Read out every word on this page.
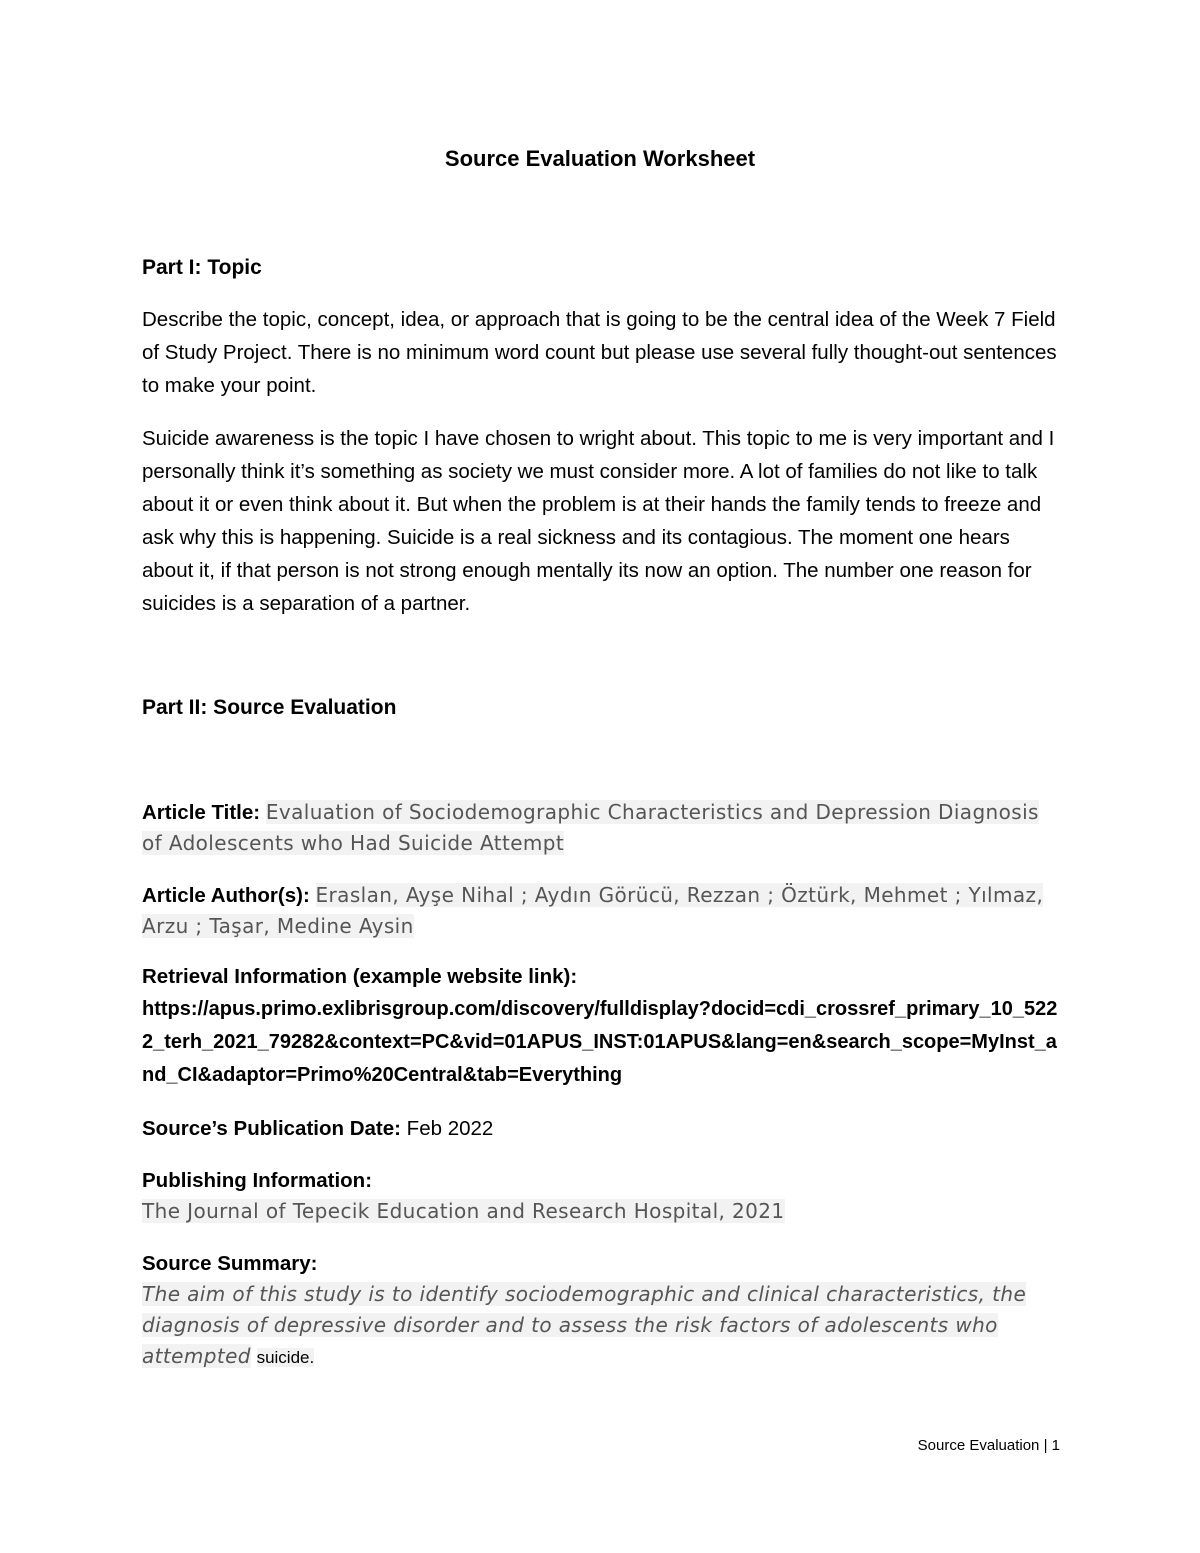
Source Evaluation Worksheet
Part I: Topic
Describe the topic, concept, idea, or approach that is going to be the central idea of the Week 7 Field of Study Project. There is no minimum word count but please use several fully thought-out sentences to make your point.
Suicide awareness is the topic I have chosen to wright about. This topic to me is very important and I personally think it’s something as society we must consider more. A lot of families do not like to talk about it or even think about it. But when the problem is at their hands the family tends to freeze and ask why this is happening. Suicide is a real sickness and its contagious. The moment one hears about it, if that person is not strong enough mentally its now an option. The number one reason for suicides is a separation of a partner.
Part II: Source Evaluation
Article Title: Evaluation of Sociodemographic Characteristics and Depression Diagnosis of Adolescents who Had Suicide Attempt
Article Author(s): Eraslan, Ayşe Nihal ; Aydın Görücü, Rezzan ; Öztürk, Mehmet ; Yılmaz, Arzu ; Taşar, Medine Aysin
Retrieval Information (example website link):
https://apus.primo.exlibrisgroup.com/discovery/fulldisplay?docid=cdi_crossref_primary_10_5222_terh_2021_79282&context=PC&vid=01APUS_INST:01APUS&lang=en&search_scope=MyInst_and_CI&adaptor=Primo%20Central&tab=Everything
Source’s Publication Date: Feb 2022
Publishing Information:
The Journal of Tepecik Education and Research Hospital, 2021
Source Summary:
The aim of this study is to identify sociodemographic and clinical characteristics, the diagnosis of depressive disorder and to assess the risk factors of adolescents who attempted suicide.
Source Evaluation | 1
